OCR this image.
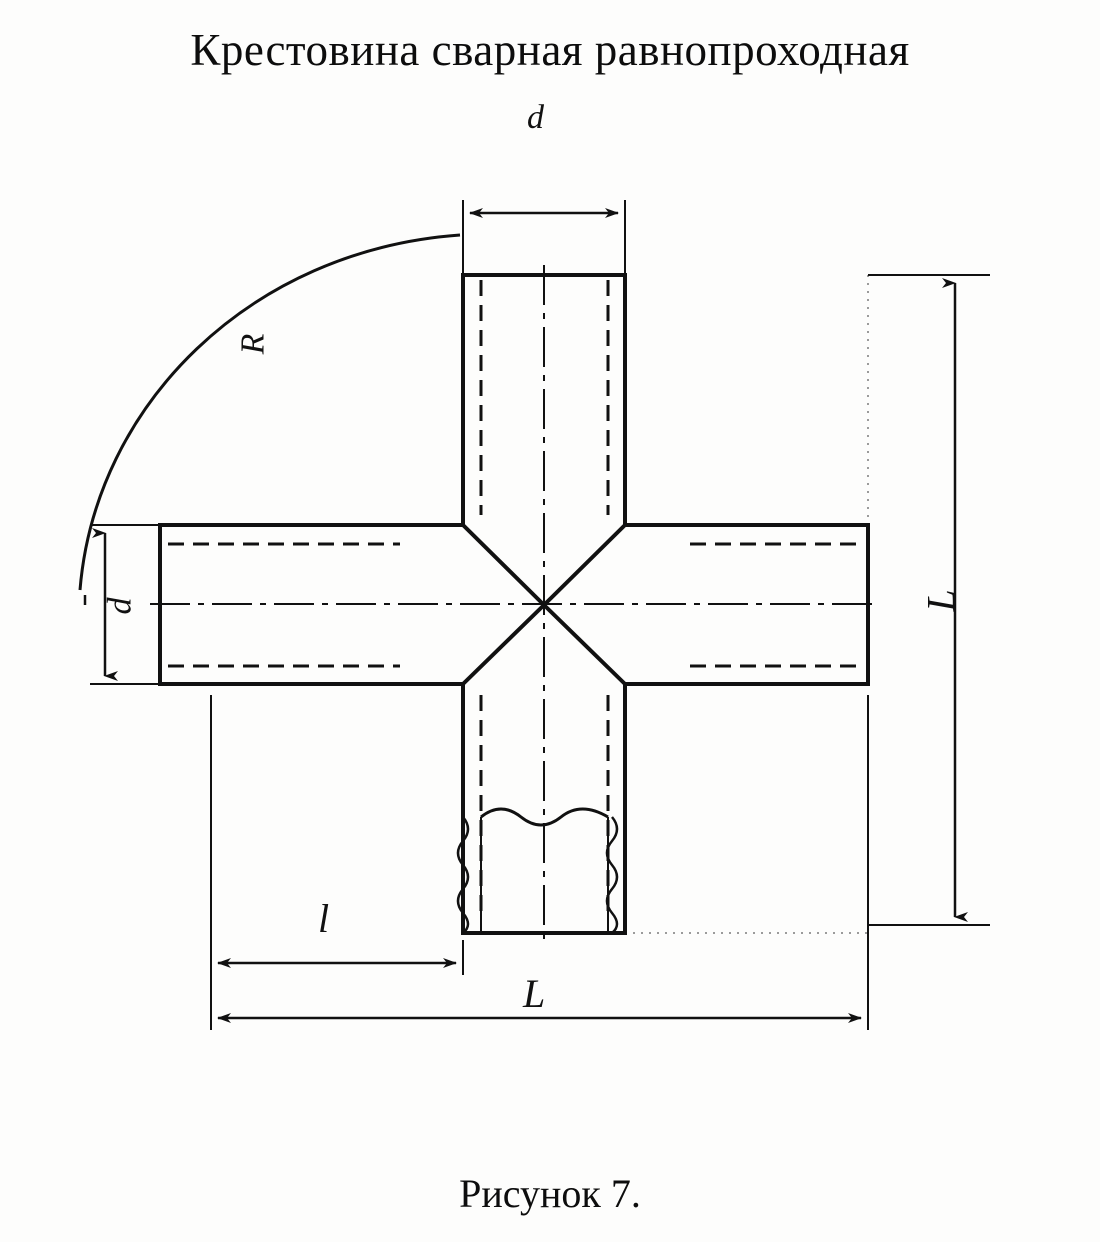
Крестовина сварная равнопроходная
d
d
R
L
l
L
Рисунок 7.
